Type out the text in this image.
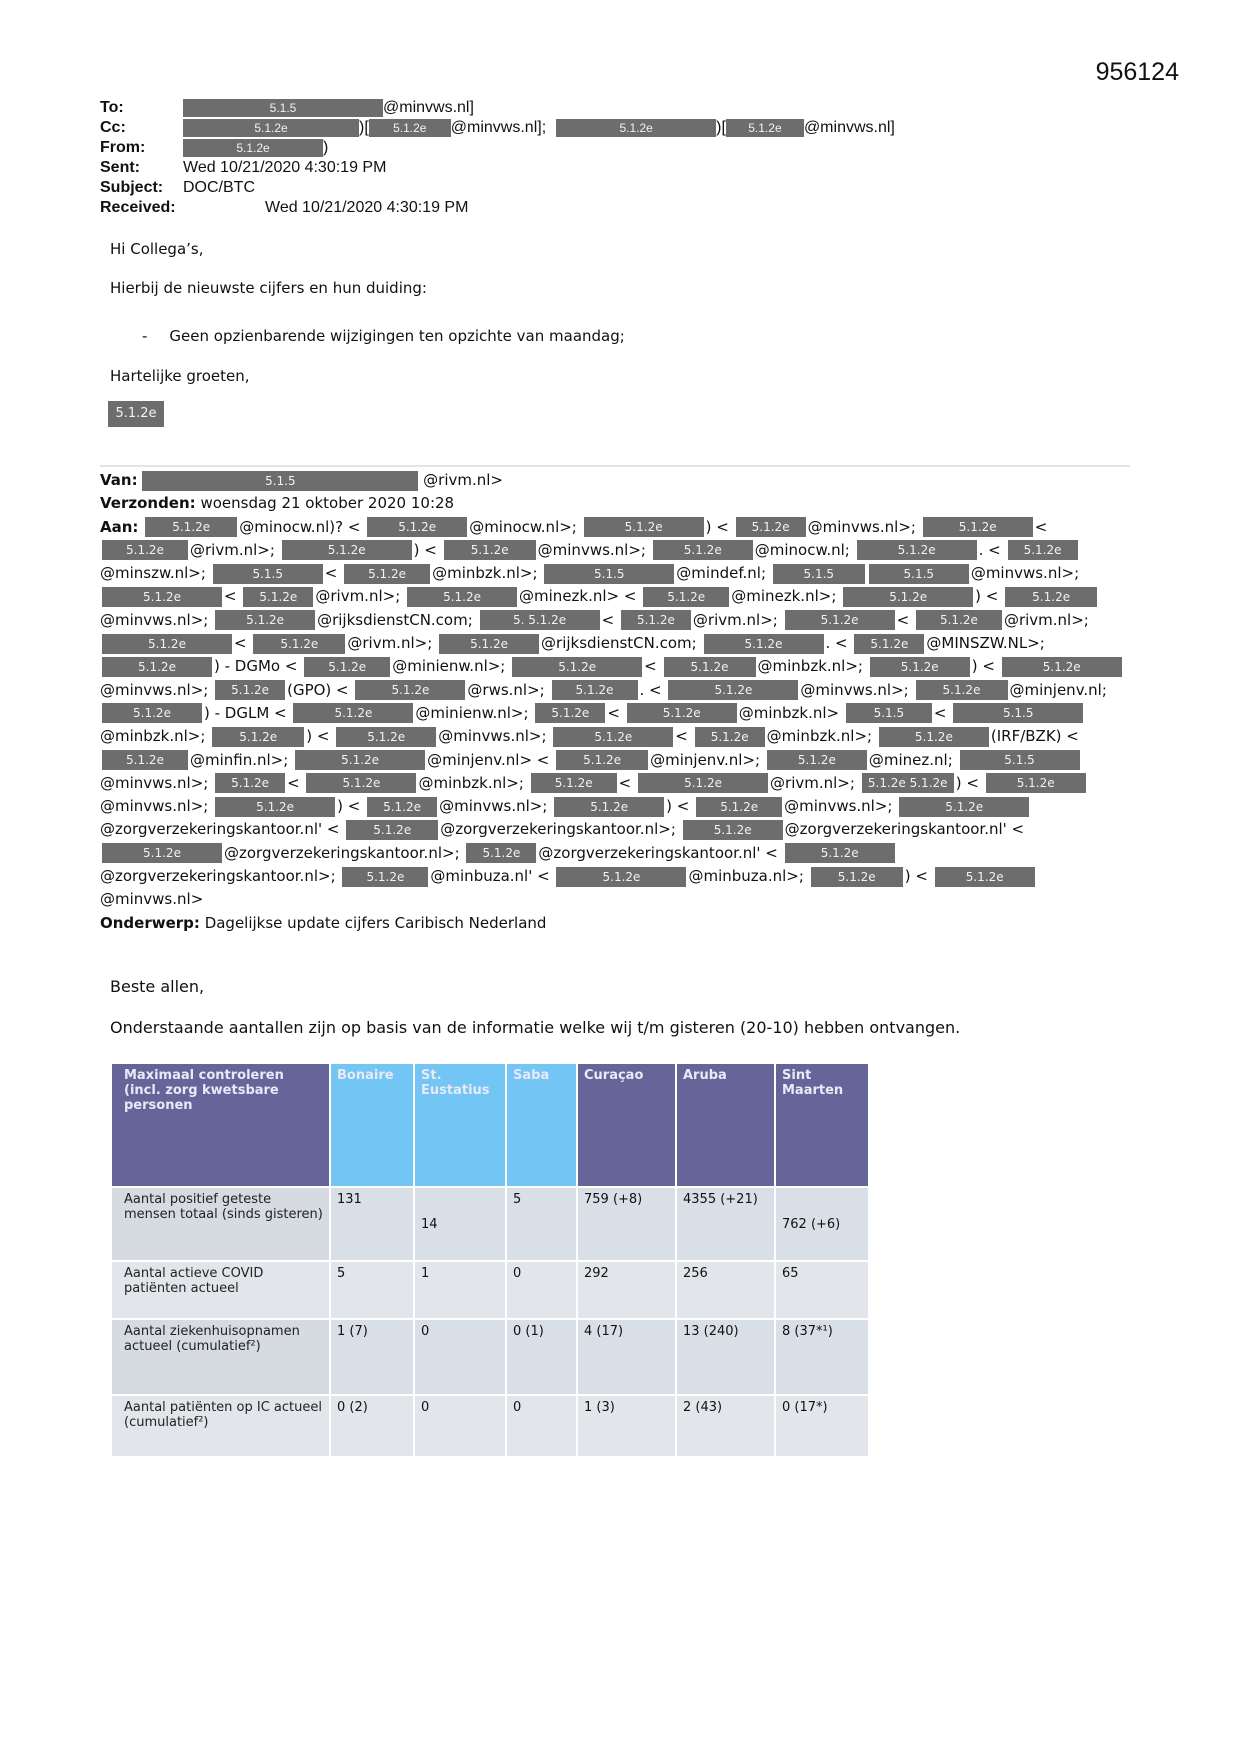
956124
To:	5.1.5	@minvws.nl]
Cc:	5.1.2e	)[	5.1.2e	@minvws.nl];	5.1.2e	)[	5.1.2e	@minvws.nl]
From:	5.1.2e	)
Sent:	Wed 10/21/2020 4:30:19 PM
Subject:	DOC/BTC
Received:	Wed 10/21/2020 4:30:19 PM

Hi Collega’s,

Hierbij de nieuwste cijfers en hun duiding:

- Geen opzienbarende wijzigingen ten opzichte van maandag;

Hartelijke groeten,

5.1.2e

Van:	5.1.5	@rivm.nl>
Verzonden: woensdag 21 oktober 2020 10:28
Aan:	5.1.2e @minocw.nl)? <	5.1.2e @minocw.nl>;	5.1.2e	) < 5.1.2e @minvws.nl>;	5.1.2e	< 5.1.2e @rivm.nl>;	5.1.2e	) <	5.1.2e @minvws.nl>;	5.1.2e @minocw.nl;	5.1.2e	. < 5.1.2e@minszw.nl>;	5.1.5	<	5.1.2e @minbzk.nl>;	5.1.5	@mindef.nl;	5.1.5	5.1.5 @minvws.nl>; 5.1.2e	< 5.1.2e @rivm.nl>;	5.1.2e	@minezk.nl> <	5.1.2e @minezk.nl>;	5.1.2e	) <	5.1.2e@minvws.nl>;	5.1.2e @rijksdienstCN.com;	5. 5.1.2e < 5.1.2e @rivm.nl>;	5.1.2e	<	5.1.2e @rivm.nl>; 5.1.2e	<	5.1.2e @rivm.nl>;	5.1.2e @rijksdienstCN.com;	5.1.2e	. < 5.1.2e @MINSZW.NL>; 5.1.2e	) - DGMo <	5.1.2e @minienw.nl>;	5.1.2e	<	5.1.2e @minbzk.nl>;	5.1.2e ) <	5.1.2e@minvws.nl>; 5.1.2e (GPO) <	5.1.2e	@rws.nl>;	5.1.2e . <	5.1.2e	@minvws.nl>;	5.1.2e @minjenv.nl; 5.1.2e ) - DGLM <	5.1.2e	@minienw.nl>; 5.1.2e <	5.1.2e	@minbzk.nl>	5.1.5 <	5.1.5@minbzk.nl>;	5.1.2e ) <	5.1.2e @minvws.nl>;	5.1.2e	< 5.1.2e @minbzk.nl>;	5.1.2e	(IRF/BZK) < 5.1.2e @minfin.nl>;	5.1.2e	@minjenv.nl> <	5.1.2e @minjenv.nl>;	5.1.2e @minez.nl;	5.1.5@minvws.nl>; 5.1.2e <	5.1.2e	@minbzk.nl>;	5.1.2e <	5.1.2e	@rivm.nl>; 5.1.2e 5.1.2e ) <	5.1.2e@minvws.nl>;	5.1.2e	) < 5.1.2e @minvws.nl>;	5.1.2e	) <	5.1.2e @minvws.nl>;	5.1.2e@zorgverzekeringskantoor.nl' <	5.1.2e @zorgverzekeringskantoor.nl>;	5.1.2e @zorgverzekeringskantoor.nl' < 5.1.2e	@zorgverzekeringskantoor.nl>; 5.1.2e @zorgverzekeringskantoor.nl' <	5.1.2e@zorgverzekeringskantoor.nl>;	5.1.2e @minbuza.nl' <	5.1.2e	@minbuza.nl>;	5.1.2e ) <	5.1.2e@minvws.nl>
Onderwerp: Dagelijkse update cijfers Caribisch Nederland
Beste allen,
Onderstaande aantallen zijn op basis van de informatie welke wij t/m gisteren (20-10) hebben ontvangen.
Maximaal controleren (incl. zorg kwetsbare personen	Bonaire	St. Eustatius	Saba	Curaçao	Aruba	Sint Maarten
Aantal positief geteste mensen totaal (sinds gisteren)	131	14	5	759 (+8)	4355 (+21)	762 (+6)
Aantal actieve COVID patiënten actueel	5	1	0	292	256	65
Aantal ziekenhuisopnamen actueel (cumulatief²)	1 (7)	0	0 (1)	4 (17)	13 (240)	8 (37*¹)
Aantal patiënten op IC actueel (cumulatief²)	0 (2)	0	0	1 (3)	2 (43)	0 (17*)
